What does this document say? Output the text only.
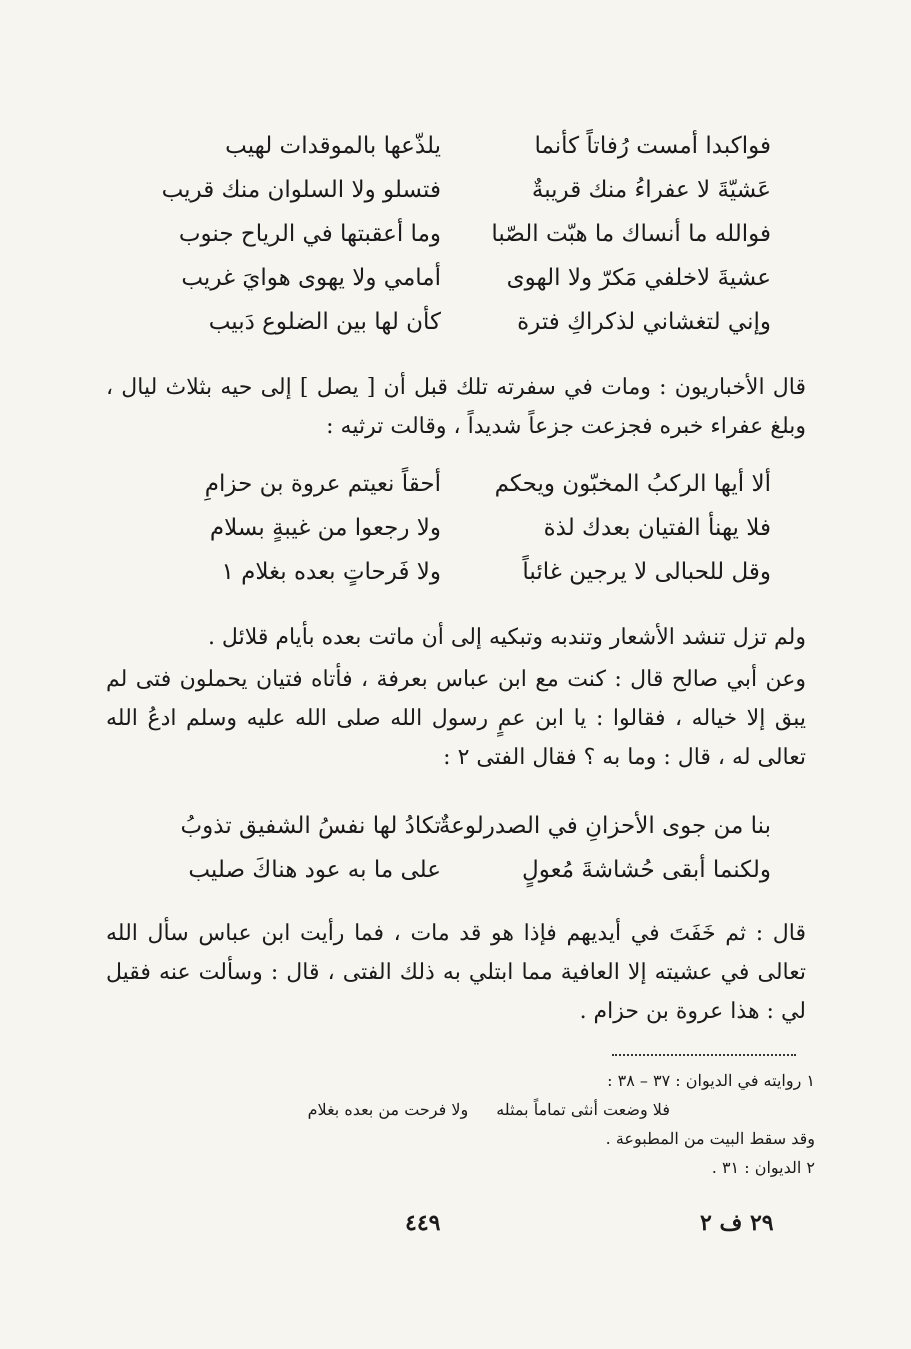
فواكبدا أمست رُفاتاً كأنما
يلذّعها بالموقدات لهيب
عَشيّةَ لا عفراءُ منك قريبةٌ
فتسلو ولا السلوان منك قريب
فوالله ما أنساك ما هبّت الصّبا
وما أعقبتها في الرياح جنوب
عشيةَ لاخلفي مَكرّ ولا الهوى
أمامي ولا يهوى هوايَ غريب
وإني لتغشاني لذكراكِ فترة
كأن لها بين الضلوع دَبيب

قال الأخباريون : ومات في سفرته تلك قبل أن [ يصل ] إلى حيه بثلاث ليال ، وبلغ عفراء خبره فجزعت جزعاً شديداً ، وقالت ترثيه :

ألا أيها الركبُ المخبّون ويحكم
أحقاً نعيتم عروة بن حزامِ
فلا يهنأ الفتيان بعدك لذة
ولا رجعوا من غيبةٍ بسلام
وقل للحبالى لا يرجين غائباً
ولا فَرحاتٍ بعده بغلام ١

ولم تزل تنشد الأشعار وتندبه وتبكيه إلى أن ماتت بعده بأيام قلائل .

وعن أبي صالح قال : كنت مع ابن عباس بعرفة ، فأتاه فتيان يحملون فتى لم يبق إلا خياله ، فقالوا : يا ابن عمٍ رسول الله صلى الله عليه وسلم ادعُ الله تعالى له ، قال : وما به ؟ فقال الفتى ٢ :

بنا من جوى الأحزانِ في الصدرلوعةٌ
تكادُ لها نفسُ الشفيق تذوبُ
ولكنما أبقى حُشاشةَ مُعولٍ
على ما به عود هناكَ صليب

قال : ثم خَفَتَ في أيديهم فإذا هو قد مات ، فما رأيت ابن عباس سأل الله تعالى في عشيته إلا العافية مما ابتلي به ذلك الفتى ، قال : وسألت عنه فقيل لي : هذا عروة بن حزام .

١ روايته في الديوان : ٣٧ – ٣٨ :
فلا وضعت أنثى تماماً بمثلهولا فرحت من بعده بغلام
وقد سقط البيت من المطبوعة .
٢ الديوان : ٣١ .
٤٤٩	٢٩ ف ٢
